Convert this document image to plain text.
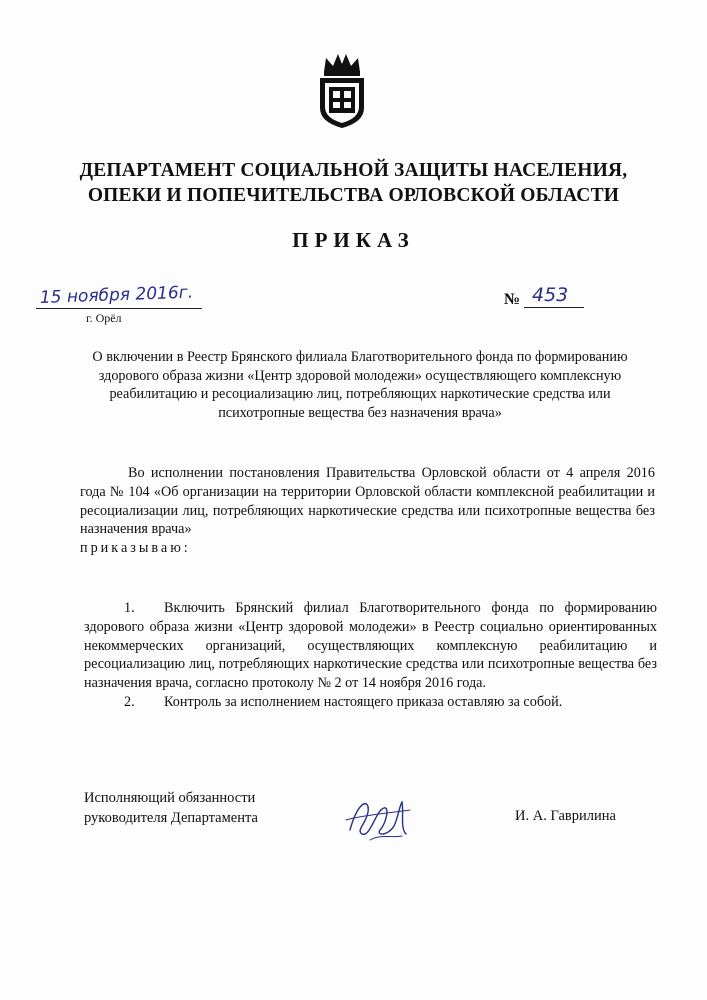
ДЕПАРТАМЕНТ СОЦИАЛЬНОЙ ЗАЩИТЫ НАСЕЛЕНИЯ,
ОПЕКИ И ПОПЕЧИТЕЛЬСТВА ОРЛОВСКОЙ ОБЛАСТИ
ПРИКАЗ
15 ноября 2016г.
г. Орёл
№ 453
О включении в Реестр Брянского филиала Благотворительного фонда по формированию здорового образа жизни «Центр здоровой молодежи» осуществляющего комплексную реабилитацию и ресоциализацию лиц, потребляющих наркотические средства или психотропные вещества без назначения врача»
Во исполнении постановления Правительства Орловской области от 4 апреля 2016 года № 104 «Об организации на территории Орловской области комплексной реабилитации и ресоциализации лиц, потребляющих наркотические средства или психотропные вещества без назначения врача»
приказываю:
1. Включить Брянский филиал Благотворительного фонда по формированию здорового образа жизни «Центр здоровой молодежи» в Реестр социально ориентированных некоммерческих организаций, осуществляющих комплексную реабилитацию и ресоциализацию лиц, потребляющих наркотические средства или психотропные вещества без назначения врача, согласно протоколу № 2 от 14 ноября 2016 года.
2. Контроль за исполнением настоящего приказа оставляю за собой.
Исполняющий обязанности
руководителя Департамента	И. А. Гаврилина
